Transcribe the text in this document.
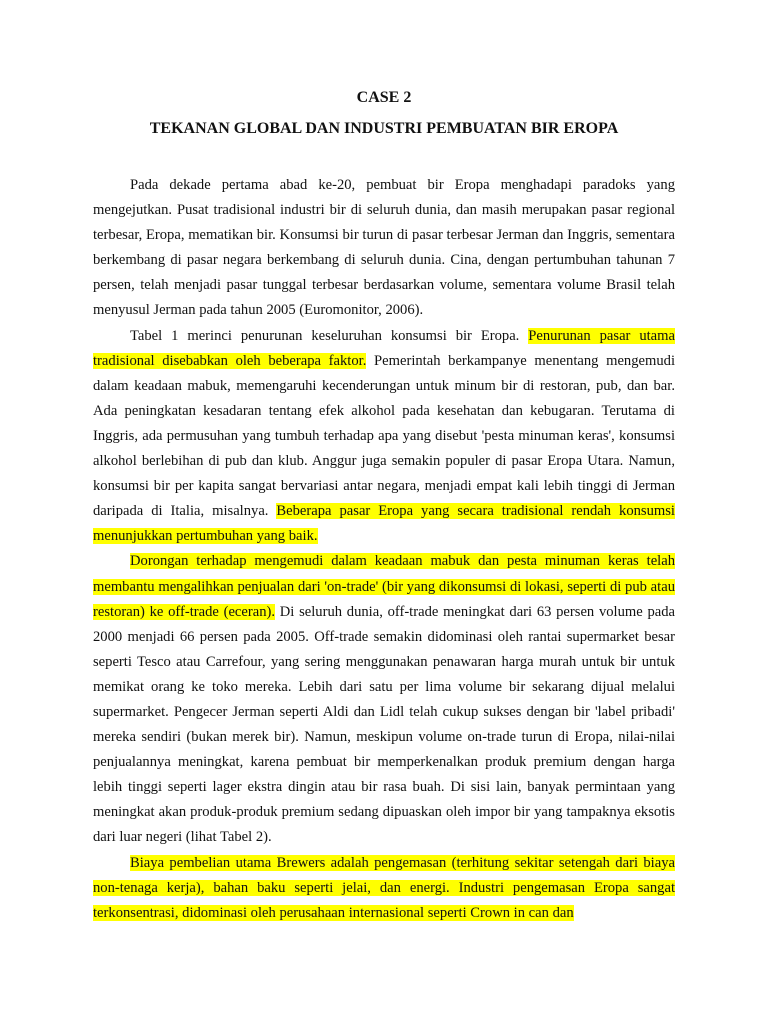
CASE 2
TEKANAN GLOBAL DAN INDUSTRI PEMBUATAN BIR EROPA

Pada dekade pertama abad ke-20, pembuat bir Eropa menghadapi paradoks yang mengejutkan. Pusat tradisional industri bir di seluruh dunia, dan masih merupakan pasar regional terbesar, Eropa, mematikan bir. Konsumsi bir turun di pasar terbesar Jerman dan Inggris, sementara berkembang di pasar negara berkembang di seluruh dunia. Cina, dengan pertumbuhan tahunan 7 persen, telah menjadi pasar tunggal terbesar berdasarkan volume, sementara volume Brasil telah menyusul Jerman pada tahun 2005 (Euromonitor, 2006).

Tabel 1 merinci penurunan keseluruhan konsumsi bir Eropa. Penurunan pasar utama tradisional disebabkan oleh beberapa faktor. Pemerintah berkampanye menentang mengemudi dalam keadaan mabuk, memengaruhi kecenderungan untuk minum bir di restoran, pub, dan bar. Ada peningkatan kesadaran tentang efek alkohol pada kesehatan dan kebugaran. Terutama di Inggris, ada permusuhan yang tumbuh terhadap apa yang disebut 'pesta minuman keras', konsumsi alkohol berlebihan di pub dan klub. Anggur juga semakin populer di pasar Eropa Utara. Namun, konsumsi bir per kapita sangat bervariasi antar negara, menjadi empat kali lebih tinggi di Jerman daripada di Italia, misalnya. Beberapa pasar Eropa yang secara tradisional rendah konsumsi menunjukkan pertumbuhan yang baik.

Dorongan terhadap mengemudi dalam keadaan mabuk dan pesta minuman keras telah membantu mengalihkan penjualan dari 'on-trade' (bir yang dikonsumsi di lokasi, seperti di pub atau restoran) ke off-trade (eceran). Di seluruh dunia, off-trade meningkat dari 63 persen volume pada 2000 menjadi 66 persen pada 2005. Off-trade semakin didominasi oleh rantai supermarket besar seperti Tesco atau Carrefour, yang sering menggunakan penawaran harga murah untuk bir untuk memikat orang ke toko mereka. Lebih dari satu per lima volume bir sekarang dijual melalui supermarket. Pengecer Jerman seperti Aldi dan Lidl telah cukup sukses dengan bir 'label pribadi' mereka sendiri (bukan merek bir). Namun, meskipun volume on-trade turun di Eropa, nilai-nilai penjualannya meningkat, karena pembuat bir memperkenalkan produk premium dengan harga lebih tinggi seperti lager ekstra dingin atau bir rasa buah. Di sisi lain, banyak permintaan yang meningkat akan produk-produk premium sedang dipuaskan oleh impor bir yang tampaknya eksotis dari luar negeri (lihat Tabel 2).

Biaya pembelian utama Brewers adalah pengemasan (terhitung sekitar setengah dari biaya non-tenaga kerja), bahan baku seperti jelai, dan energi. Industri pengemasan Eropa sangat terkonsentrasi, didominasi oleh perusahaan internasional seperti Crown in can dan
